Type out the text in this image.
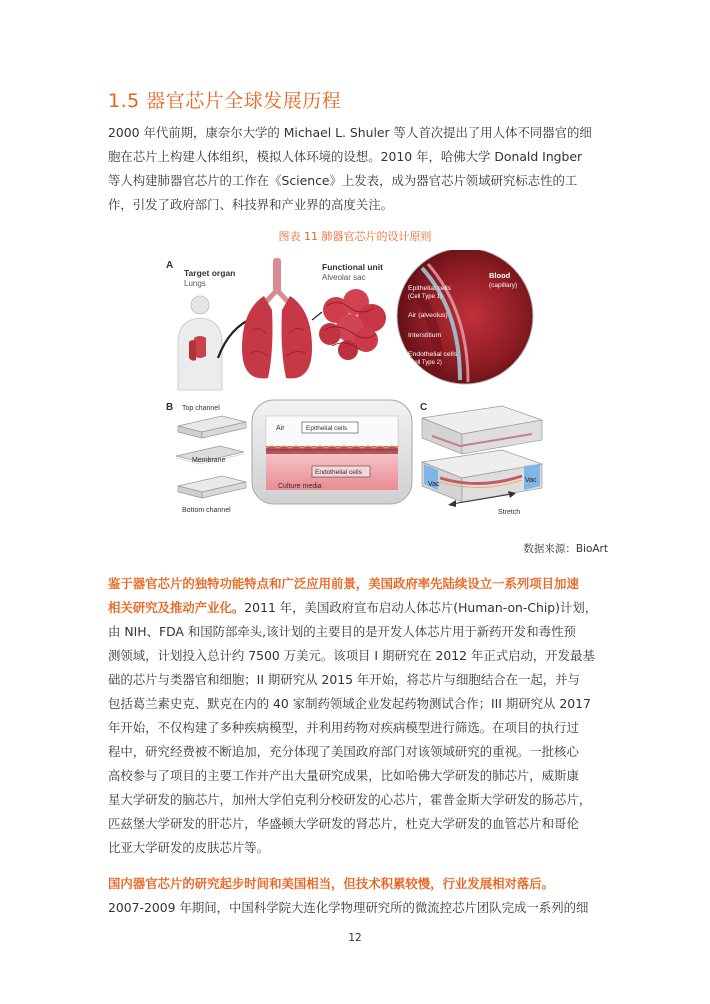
1.5 器官芯片全球发展历程
2000 年代前期，康奈尔大学的 Michael L. Shuler 等人首次提出了用人体不同器官的细
胞在芯片上构建人体组织，模拟人体环境的设想。2010 年，哈佛大学 Donald Ingber
等人构建肺器官芯片的工作在《Science》上发表，成为器官芯片领域研究标志性的工
作，引发了政府部门、科技界和产业界的高度关注。

图表 11 肺器官芯片的设计原则

A
Target organ
Lungs
Functional unit
Alveolar sac	Blood
(capillary)
Epithelial cells
(Cell Type 1)
Air (alveolus)
Interstitium
Endothelial cells
(Cell Type 2)
B Top channel
Membrane
Bottom channel
Air	Epithelial cells
Endothelial cells
Culture media
C
Vac
Vac
Stretch

数据来源：BioArt

鉴于器官芯片的独特功能特点和广泛应用前景，美国政府率先陆续设立一系列项目加速
相关研究及推动产业化。2011 年，美国政府宣布启动人体芯片(Human-on-Chip)计划，
由 NIH、FDA 和国防部牵头,该计划的主要目的是开发人体芯片用于新药开发和毒性预
测领域，计划投入总计约 7500 万美元。该项目 I 期研究在 2012 年正式启动，开发最基
础的芯片与类器官和细胞；II 期研究从 2015 年开始，将芯片与细胞结合在一起，并与
包括葛兰素史克、默克在内的 40 家制药领域企业发起药物测试合作；III 期研究从 2017
年开始，不仅构建了多种疾病模型，并利用药物对疾病模型进行筛选。在项目的执行过
程中，研究经费被不断追加，充分体现了美国政府部门对该领域研究的重视。一批核心
高校参与了项目的主要工作并产出大量研究成果，比如哈佛大学研发的肺芯片，威斯康
星大学研发的脑芯片，加州大学伯克利分校研发的心芯片，霍普金斯大学研发的肠芯片，
匹兹堡大学研发的肝芯片，华盛顿大学研发的肾芯片，杜克大学研发的血管芯片和哥伦
比亚大学研发的皮肤芯片等。
国内器官芯片的研究起步时间和美国相当，但技术积累较慢，行业发展相对落后。
2007-2009 年期间，中国科学院大连化学物理研究所的微流控芯片团队完成一系列的细

12
